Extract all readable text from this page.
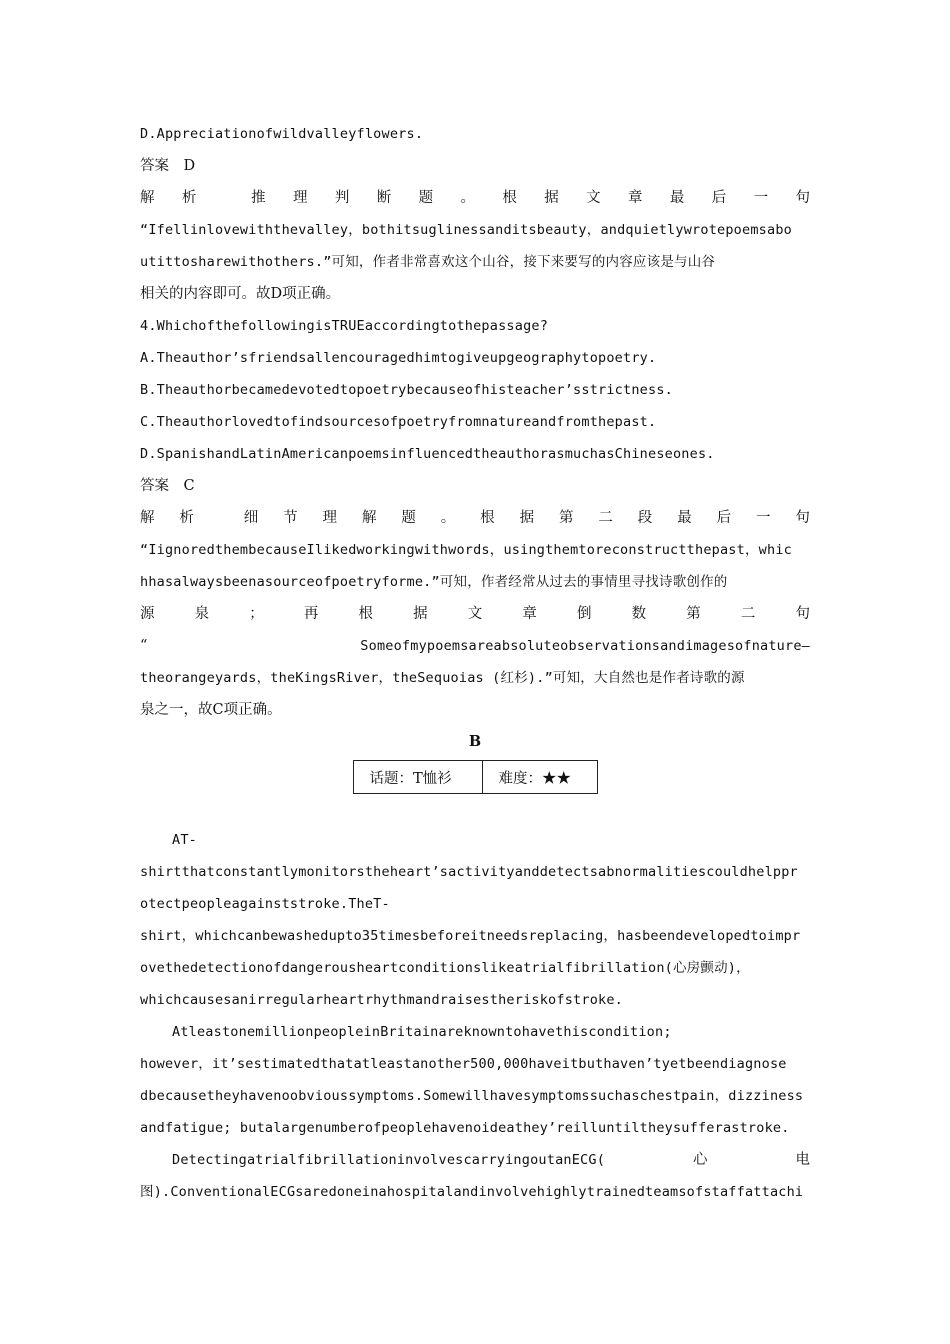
D.Appreciationofwildvalleyflowers.
答案　D
解 析	推 理 判 断 题 。 根 据 文 章 最 后 一 句
“Ifellinlovewiththevalley，bothitsuglinessanditsbeauty，andquietlywrotepoemsabo
utittosharewithothers.”可知，作者非常喜欢这个山谷，接下来要写的内容应该是与山谷
相关的内容即可。故D项正确。
4.WhichofthefollowingisTRUEaccordingtothepassage?
A.Theauthor’sfriendsallencouragedhimtogiveupgeographytopoetry.
B.Theauthorbecamedevotedtopoetrybecauseofhisteacher’sstrictness.
C.Theauthorlovedtofindsourcesofpoetryfromnatureandfromthepast.
D.SpanishandLatinAmericanpoemsinfluencedtheauthorasmuchasChineseones.
答案　C
解 析	细 节 理 解 题 。 根 据 第 二 段 最 后 一 句
“IignoredthembecauseIlikedworkingwithwords，usingthemtoreconstructthepast，whic
hhasalwaysbeenasourceofpoetryforme.”可知，作者经常从过去的事情里寻找诗歌创作的
源	泉	；	再	根	据	文	章	倒	数	第	二	句
“	Someofmypoemsareabsoluteobservationsandimagesofnature—
theorangeyards，theKingsRiver，theSequoias (红杉).”可知，大自然也是作者诗歌的源
泉之一，故C项正确。
B
话题：T恤衫	难度：★★
AT-
shirtthatconstantlymonitorstheheart’sactivityanddetectsabnormalitiescouldhelppr
otectpeopleagainststroke.TheT-
shirt，whichcanbewashedupto35timesbeforeitneedsreplacing，hasbeendevelopedtoimpr
ovethedetectionofdangerousheartconditionslikeatrialfibrillation(心房颤动)，
whichcausesanirregularheartrhythmandraisestheriskofstroke.
AtleastonemillionpeopleinBritainareknowntohavethiscondition;
however，it’sestimatedthatatleastanother500,000haveitbuthaven’tyetbeendiagnose
dbecausetheyhavenoobvioussymptoms.Somewillhavesymptomssuchaschestpain，dizziness
andfatigue; butalargenumberofpeoplehavenoideathey’reilluntiltheysufferastroke.
DetectingatrialfibrillationinvolvescarryingoutanECG(	心	电
图).ConventionalECGsaredoneinahospitalandinvolvehighlytrainedteamsofstaffattachi
